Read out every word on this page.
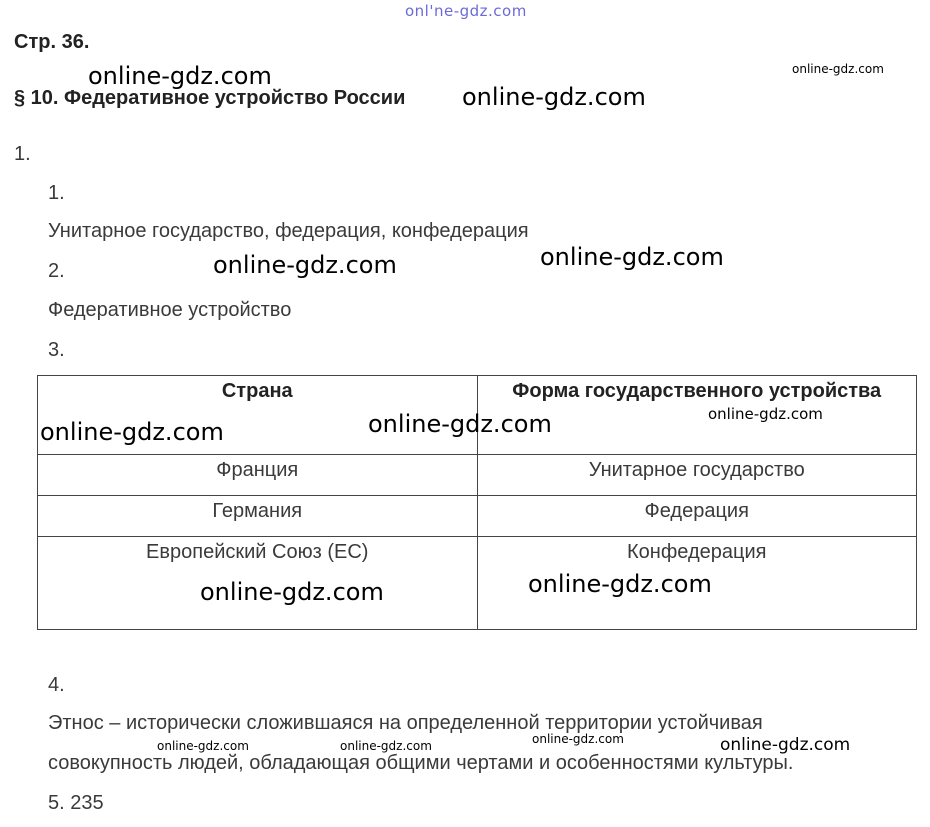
onl'ne-gdz.com
Стр. 36.
online-gdz.com	online-gdz.com
§ 10. Федеративное устройство России online-gdz.com
1.
1.
Унитарное государство, федерация, конфедерация
2.	online-gdz.com	online-gdz.com
Федеративное устройство
3.
Страна	Форма государственного устройства
Франция	Унитарное государство
Германия	Федерация
Европейский Союз (ЕС)	Конфедерация
online-gdz.com	online-gdz.com	online-gdz.com
online-gdz.com	online-gdz.com
4.
Этнос – исторически сложившаяся на определенной территории устойчивая
online-gdz.com
online-gdz.com	online-gdz.com	online-gdz.com
совокупность людей, обладающая общими чертами и особенностями культуры.
5. 235
